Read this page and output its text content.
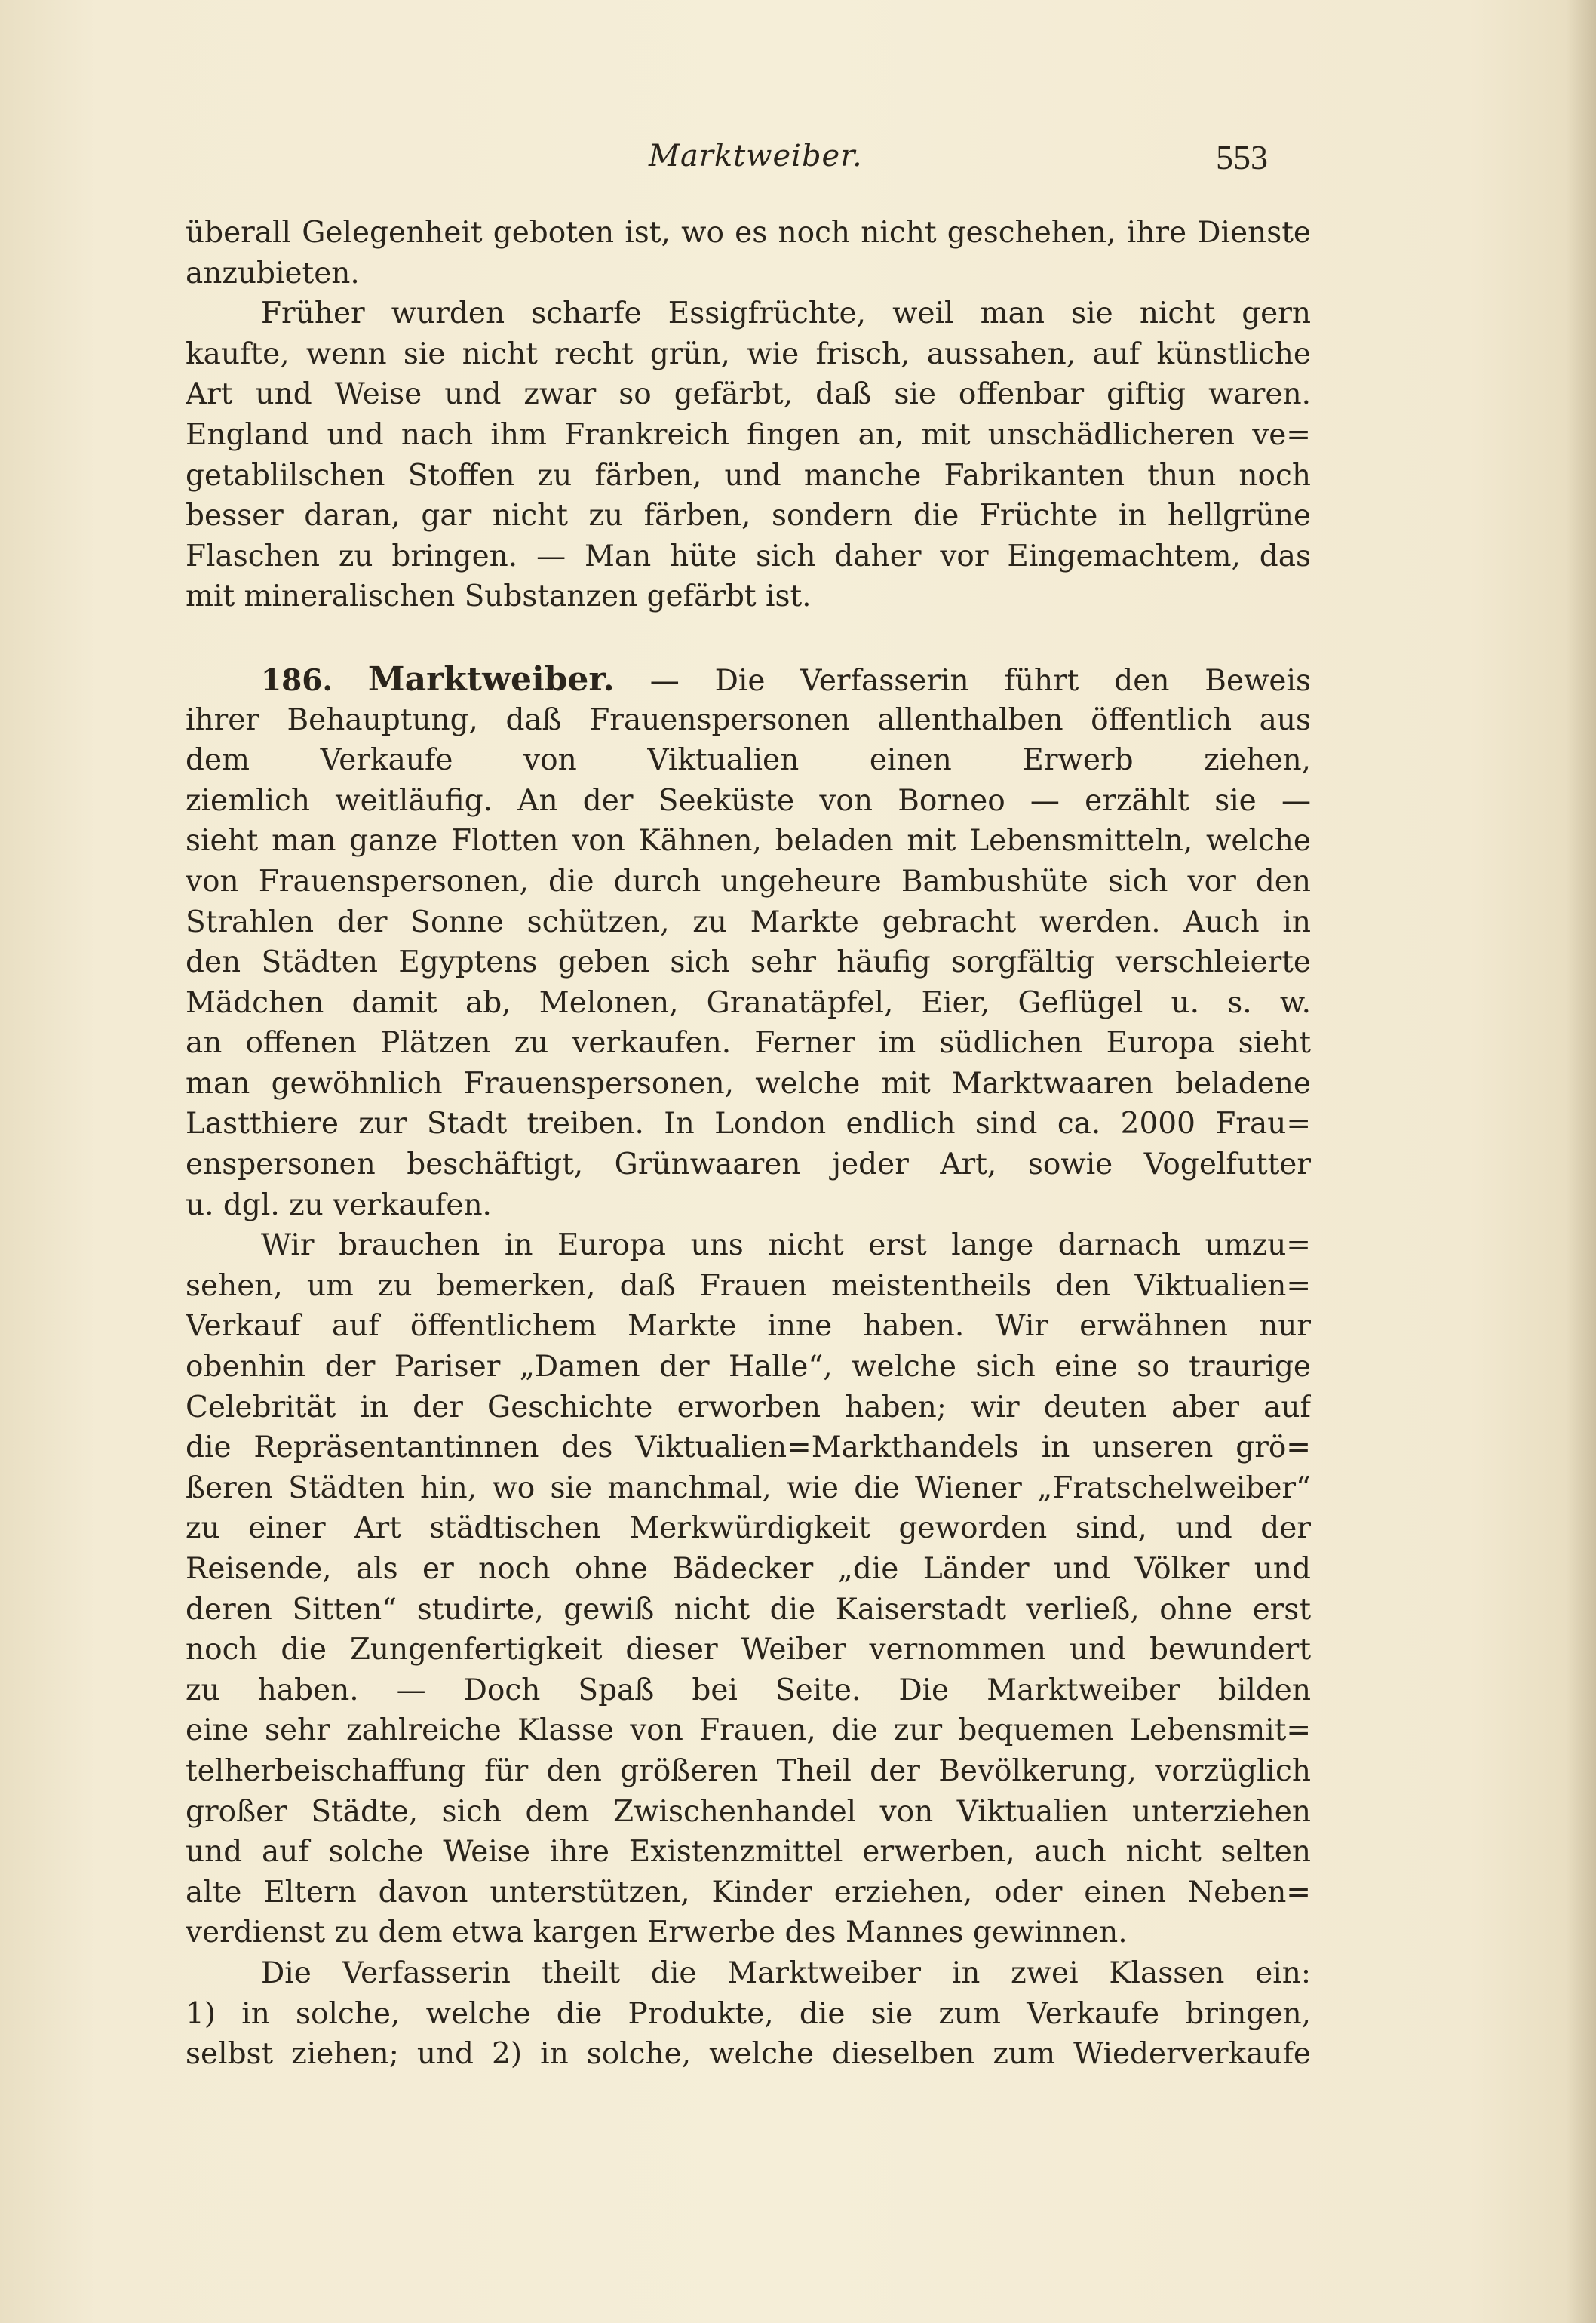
Marktweiber.	553
überall Gelegenheit geboten ist, wo es noch nicht geschehen, ihre Dienste
anzubieten.
Früher wurden scharfe Essigfrüchte, weil man sie nicht gern
kaufte, wenn sie nicht recht grün, wie frisch, aussahen, auf künstliche
Art und Weise und zwar so gefärbt, daß sie offenbar giftig waren.
England und nach ihm Frankreich fingen an, mit unschädlicheren ve=
getablilschen Stoffen zu färben, und manche Fabrikanten thun noch
besser daran, gar nicht zu färben, sondern die Früchte in hellgrüne
Flaschen zu bringen. — Man hüte sich daher vor Eingemachtem, das
mit mineralischen Substanzen gefärbt ist.
186. Marktweiber. — Die Verfasserin führt den Beweis
ihrer Behauptung, daß Frauenspersonen allenthalben öffentlich aus
dem Verkaufe von Viktualien einen Erwerb ziehen,
ziemlich weitläufig. An der Seeküste von Borneo — erzählt sie —
sieht man ganze Flotten von Kähnen, beladen mit Lebensmitteln, welche
von Frauenspersonen, die durch ungeheure Bambushüte sich vor den
Strahlen der Sonne schützen, zu Markte gebracht werden. Auch in
den Städten Egyptens geben sich sehr häufig sorgfältig verschleierte
Mädchen damit ab, Melonen, Granatäpfel, Eier, Geflügel u. s. w.
an offenen Plätzen zu verkaufen. Ferner im südlichen Europa sieht
man gewöhnlich Frauenspersonen, welche mit Marktwaaren beladene
Lastthiere zur Stadt treiben. In London endlich sind ca. 2000 Frau=
enspersonen beschäftigt, Grünwaaren jeder Art, sowie Vogelfutter
u. dgl. zu verkaufen.
Wir brauchen in Europa uns nicht erst lange darnach umzu=
sehen, um zu bemerken, daß Frauen meistentheils den Viktualien=
Verkauf auf öffentlichem Markte inne haben. Wir erwähnen nur
obenhin der Pariser „Damen der Halle“, welche sich eine so traurige
Celebrität in der Geschichte erworben haben; wir deuten aber auf
die Repräsentantinnen des Viktualien=Markthandels in unseren grö=
ßeren Städten hin, wo sie manchmal, wie die Wiener „Fratschelweiber“
zu einer Art städtischen Merkwürdigkeit geworden sind, und der
Reisende, als er noch ohne Bädecker „die Länder und Völker und
deren Sitten“ studirte, gewiß nicht die Kaiserstadt verließ, ohne erst
noch die Zungenfertigkeit dieser Weiber vernommen und bewundert
zu haben. — Doch Spaß bei Seite. Die Marktweiber bilden
eine sehr zahlreiche Klasse von Frauen, die zur bequemen Lebensmit=
telherbeischaffung für den größeren Theil der Bevölkerung, vorzüglich
großer Städte, sich dem Zwischenhandel von Viktualien unterziehen
und auf solche Weise ihre Existenzmittel erwerben, auch nicht selten
alte Eltern davon unterstützen, Kinder erziehen, oder einen Neben=
verdienst zu dem etwa kargen Erwerbe des Mannes gewinnen.
Die Verfasserin theilt die Marktweiber in zwei Klassen ein:
1) in solche, welche die Produkte, die sie zum Verkaufe bringen,
selbst ziehen; und 2) in solche, welche dieselben zum Wiederverkaufe
